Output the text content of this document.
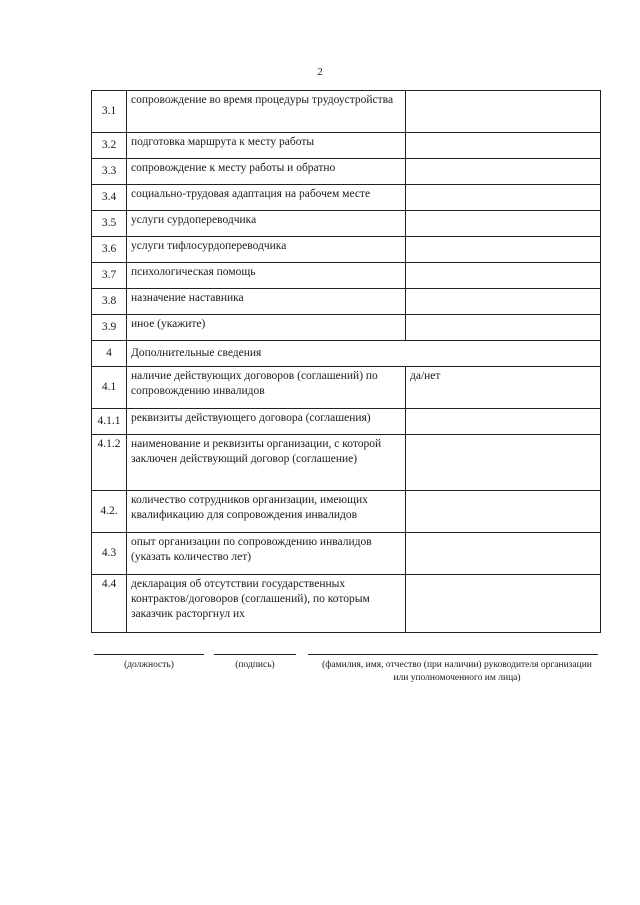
2
3.1	сопровождение во время процедуры трудоустройства	
3.2	подготовка маршрута к месту работы	
3.3	сопровождение к месту работы и обратно	
3.4	социально-трудовая адаптация на рабочем месте	
3.5	услуги сурдопереводчика	
3.6	услуги тифлосурдопереводчика	
3.7	психологическая помощь	
3.8	назначение наставника	
3.9	иное (укажите)	
4	Дополнительные сведения	
4.1	наличие действующих договоров (соглашений) по сопровождению инвалидов	да/нет
4.1.1	реквизиты действующего договора (соглашения)	
4.1.2	наименование и реквизиты организации, с которой заключен действующий договор (соглашение)	
4.2.	количество сотрудников организации, имеющих квалификацию для сопровождения инвалидов	
4.3	опыт организации по сопровождению инвалидов (указать количество лет)	
4.4	декларация об отсутствии государственных контрактов/договоров (соглашений), по которым заказчик расторгнул их	
(должность)	(подпись)	(фамилия, имя, отчество (при наличии) руководителя организации или уполномоченного им лица)
